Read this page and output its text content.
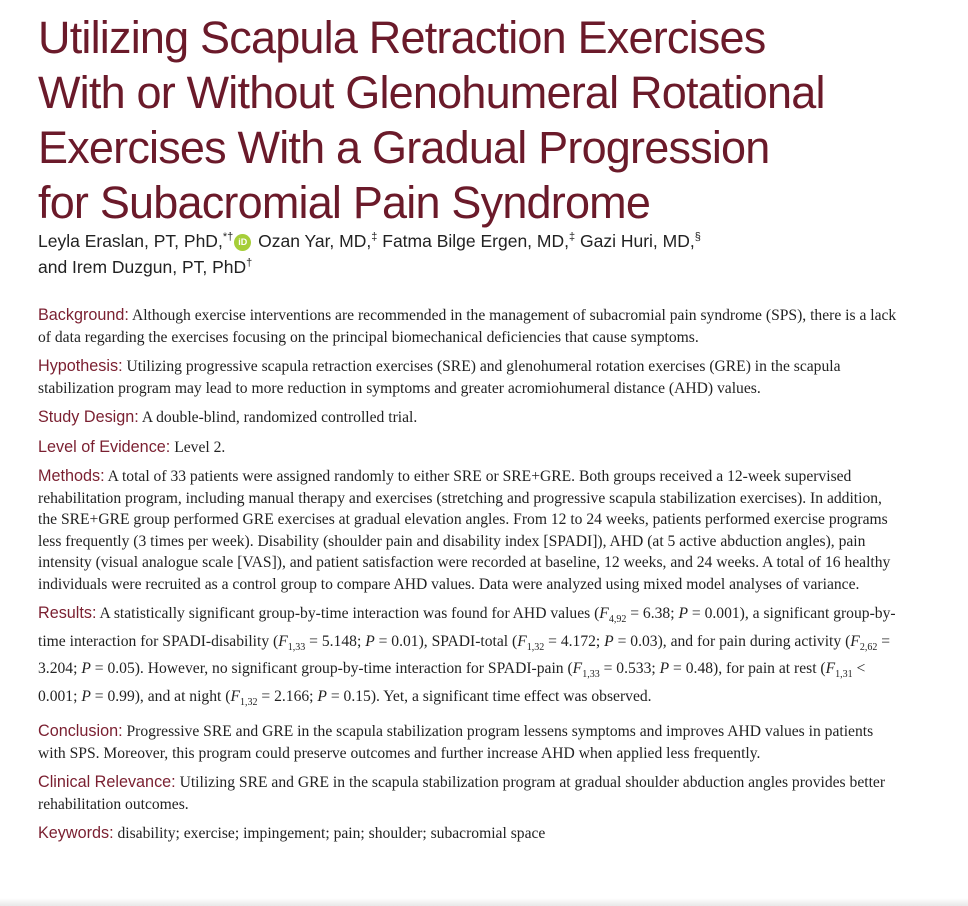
Utilizing Scapula Retraction Exercises
With or Without Glenohumeral Rotational
Exercises With a Gradual Progression
for Subacromial Pain Syndrome
Leyla Eraslan, PT, PhD,*† iD Ozan Yar, MD,‡ Fatma Bilge Ergen, MD,‡ Gazi Huri, MD,§
and Irem Duzgun, PT, PhD†

Background: Although exercise interventions are recommended in the management of subacromial pain syndrome (SPS), there is a lack of data regarding the exercises focusing on the principal biomechanical deficiencies that cause symptoms.

Hypothesis: Utilizing progressive scapula retraction exercises (SRE) and glenohumeral rotation exercises (GRE) in the scapula stabilization program may lead to more reduction in symptoms and greater acromiohumeral distance (AHD) values.

Study Design: A double-blind, randomized controlled trial.

Level of Evidence: Level 2.

Methods: A total of 33 patients were assigned randomly to either SRE or SRE+GRE. Both groups received a 12-week supervised rehabilitation program, including manual therapy and exercises (stretching and progressive scapula stabilization exercises). In addition, the SRE+GRE group performed GRE exercises at gradual elevation angles. From 12 to 24 weeks, patients performed exercise programs less frequently (3 times per week). Disability (shoulder pain and disability index [SPADI]), AHD (at 5 active abduction angles), pain intensity (visual analogue scale [VAS]), and patient satisfaction were recorded at baseline, 12 weeks, and 24 weeks. A total of 16 healthy individuals were recruited as a control group to compare AHD values. Data were analyzed using mixed model analyses of variance.

Results: A statistically significant group-by-time interaction was found for AHD values ($F_{4,92} = 6.38$; P = 0.001), a significant group-by-time interaction for SPADI-disability ($F_{1,33} = 5.148$; P = 0.01), SPADI-total ($F_{1,32} = 4.172$; P = 0.03), and for pain during activity ($F_{2,62} = 3.204$; P = 0.05). However, no significant group-by-time interaction for SPADI-pain ($F_{1,33} = 0.533$; P = 0.48), for pain at rest ($F_{1,31} < 0.001$; P = 0.99), and at night ($F_{1,32} = 2.166$; P = 0.15). Yet, a significant time effect was observed.

Conclusion: Progressive SRE and GRE in the scapula stabilization program lessens symptoms and improves AHD values in patients with SPS. Moreover, this program could preserve outcomes and further increase AHD when applied less frequently.

Clinical Relevance: Utilizing SRE and GRE in the scapula stabilization program at gradual shoulder abduction angles provides better rehabilitation outcomes.

Keywords: disability; exercise; impingement; pain; shoulder; subacromial space
